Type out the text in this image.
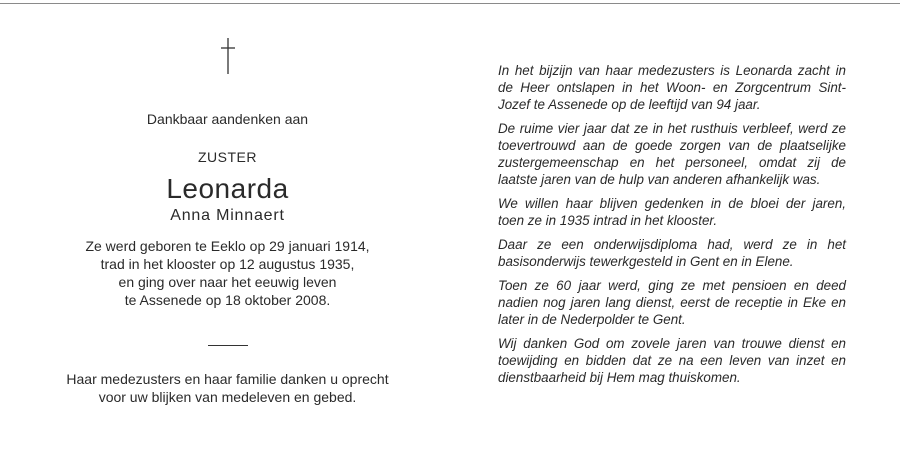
Dankbaar aandenken aan
ZUSTER
Leonarda
Anna Minnaert
Ze werd geboren te Eeklo op 29 januari 1914,
trad in het klooster op 12 augustus 1935,
en ging over naar het eeuwig leven
te Assenede op 18 oktober 2008.
Haar medezusters en haar familie danken u oprecht
voor uw blijken van medeleven en gebed.
In het bijzijn van haar medezusters is Leonarda zacht in
de Heer ontslapen in het Woon- en Zorgcentrum Sint-
Jozef te Assenede op de leeftijd van 94 jaar.
De ruime vier jaar dat ze in het rusthuis verbleef, werd ze
toevertrouwd aan de goede zorgen van de plaatselijke
zustergemeenschap en het personeel, omdat zij de
laatste jaren van de hulp van anderen afhankelijk was.
We willen haar blijven gedenken in de bloei der jaren,
toen ze in 1935 intrad in het klooster.
Daar ze een onderwijsdiploma had, werd ze in het
basisonderwijs tewerkgesteld in Gent en in Elene.
Toen ze 60 jaar werd, ging ze met pensioen en deed
nadien nog jaren lang dienst, eerst de receptie in Eke en
later in de Nederpolder te Gent.
Wij danken God om zovele jaren van trouwe dienst en
toewijding en bidden dat ze na een leven van inzet en
dienstbaarheid bij Hem mag thuiskomen.
